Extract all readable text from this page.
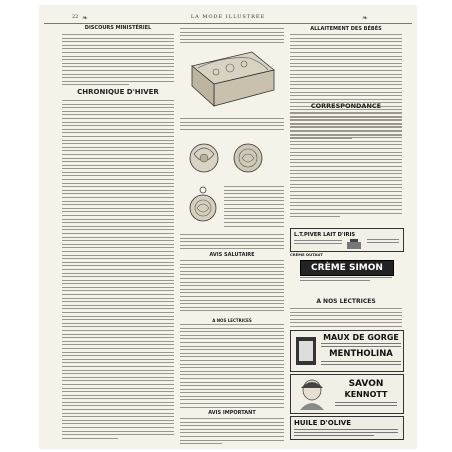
22	LA MODE ILLUSTRÉE
❧	❧
DISCOURS MINISTÉRIEL
CHRONIQUE D'HIVER
AVIS SALUTAIRE
A NOS LECTRICES
AVIS IMPORTANT
ALLAITEMENT DES BÉBÉS
CORRESPONDANCE
L.T.PIVER LAIT D'IRIS
CRÈME DUTAUT
CRÈME SIMON
A NOS LECTRICES
MAUX DE GORGE
MENTHOLINA
SAVON
KENNOTT
HUILE D'OLIVE
